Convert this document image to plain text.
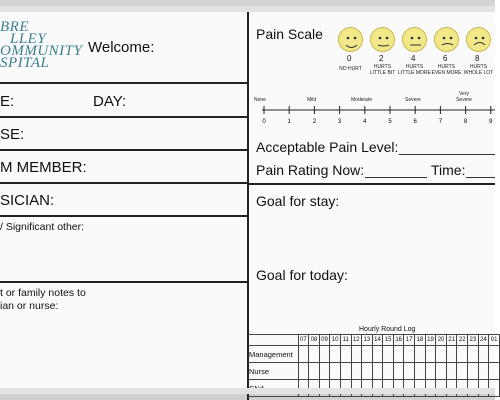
BRE
LLEY
OMMUNITY
SPITAL
Welcome:
E:	DAY:
SE:
M MEMBER:
SICIAN:
/ Significant other:
t or family notes to
ian or nurse:
Pain Scale
0
NO HURT
2
HURTS
LITTLE BIT
4
HURTS
LITTLE MORE
6
HURTS
EVEN MORE
8
HURTS
WHOLE LOT
None	Mild	Moderate	Severe
Very Severe
0	1	2	3	4	5	6	7	8	9
Acceptable Pain Level:
Pain Rating Now:	Time:
Goal for stay:
Goal for today:
Hourly Round Log
	07	08	09	10	11	12	13	14	15	16	17	18	19	20	21	22	23	24	01
Management																			
Nurse																			
